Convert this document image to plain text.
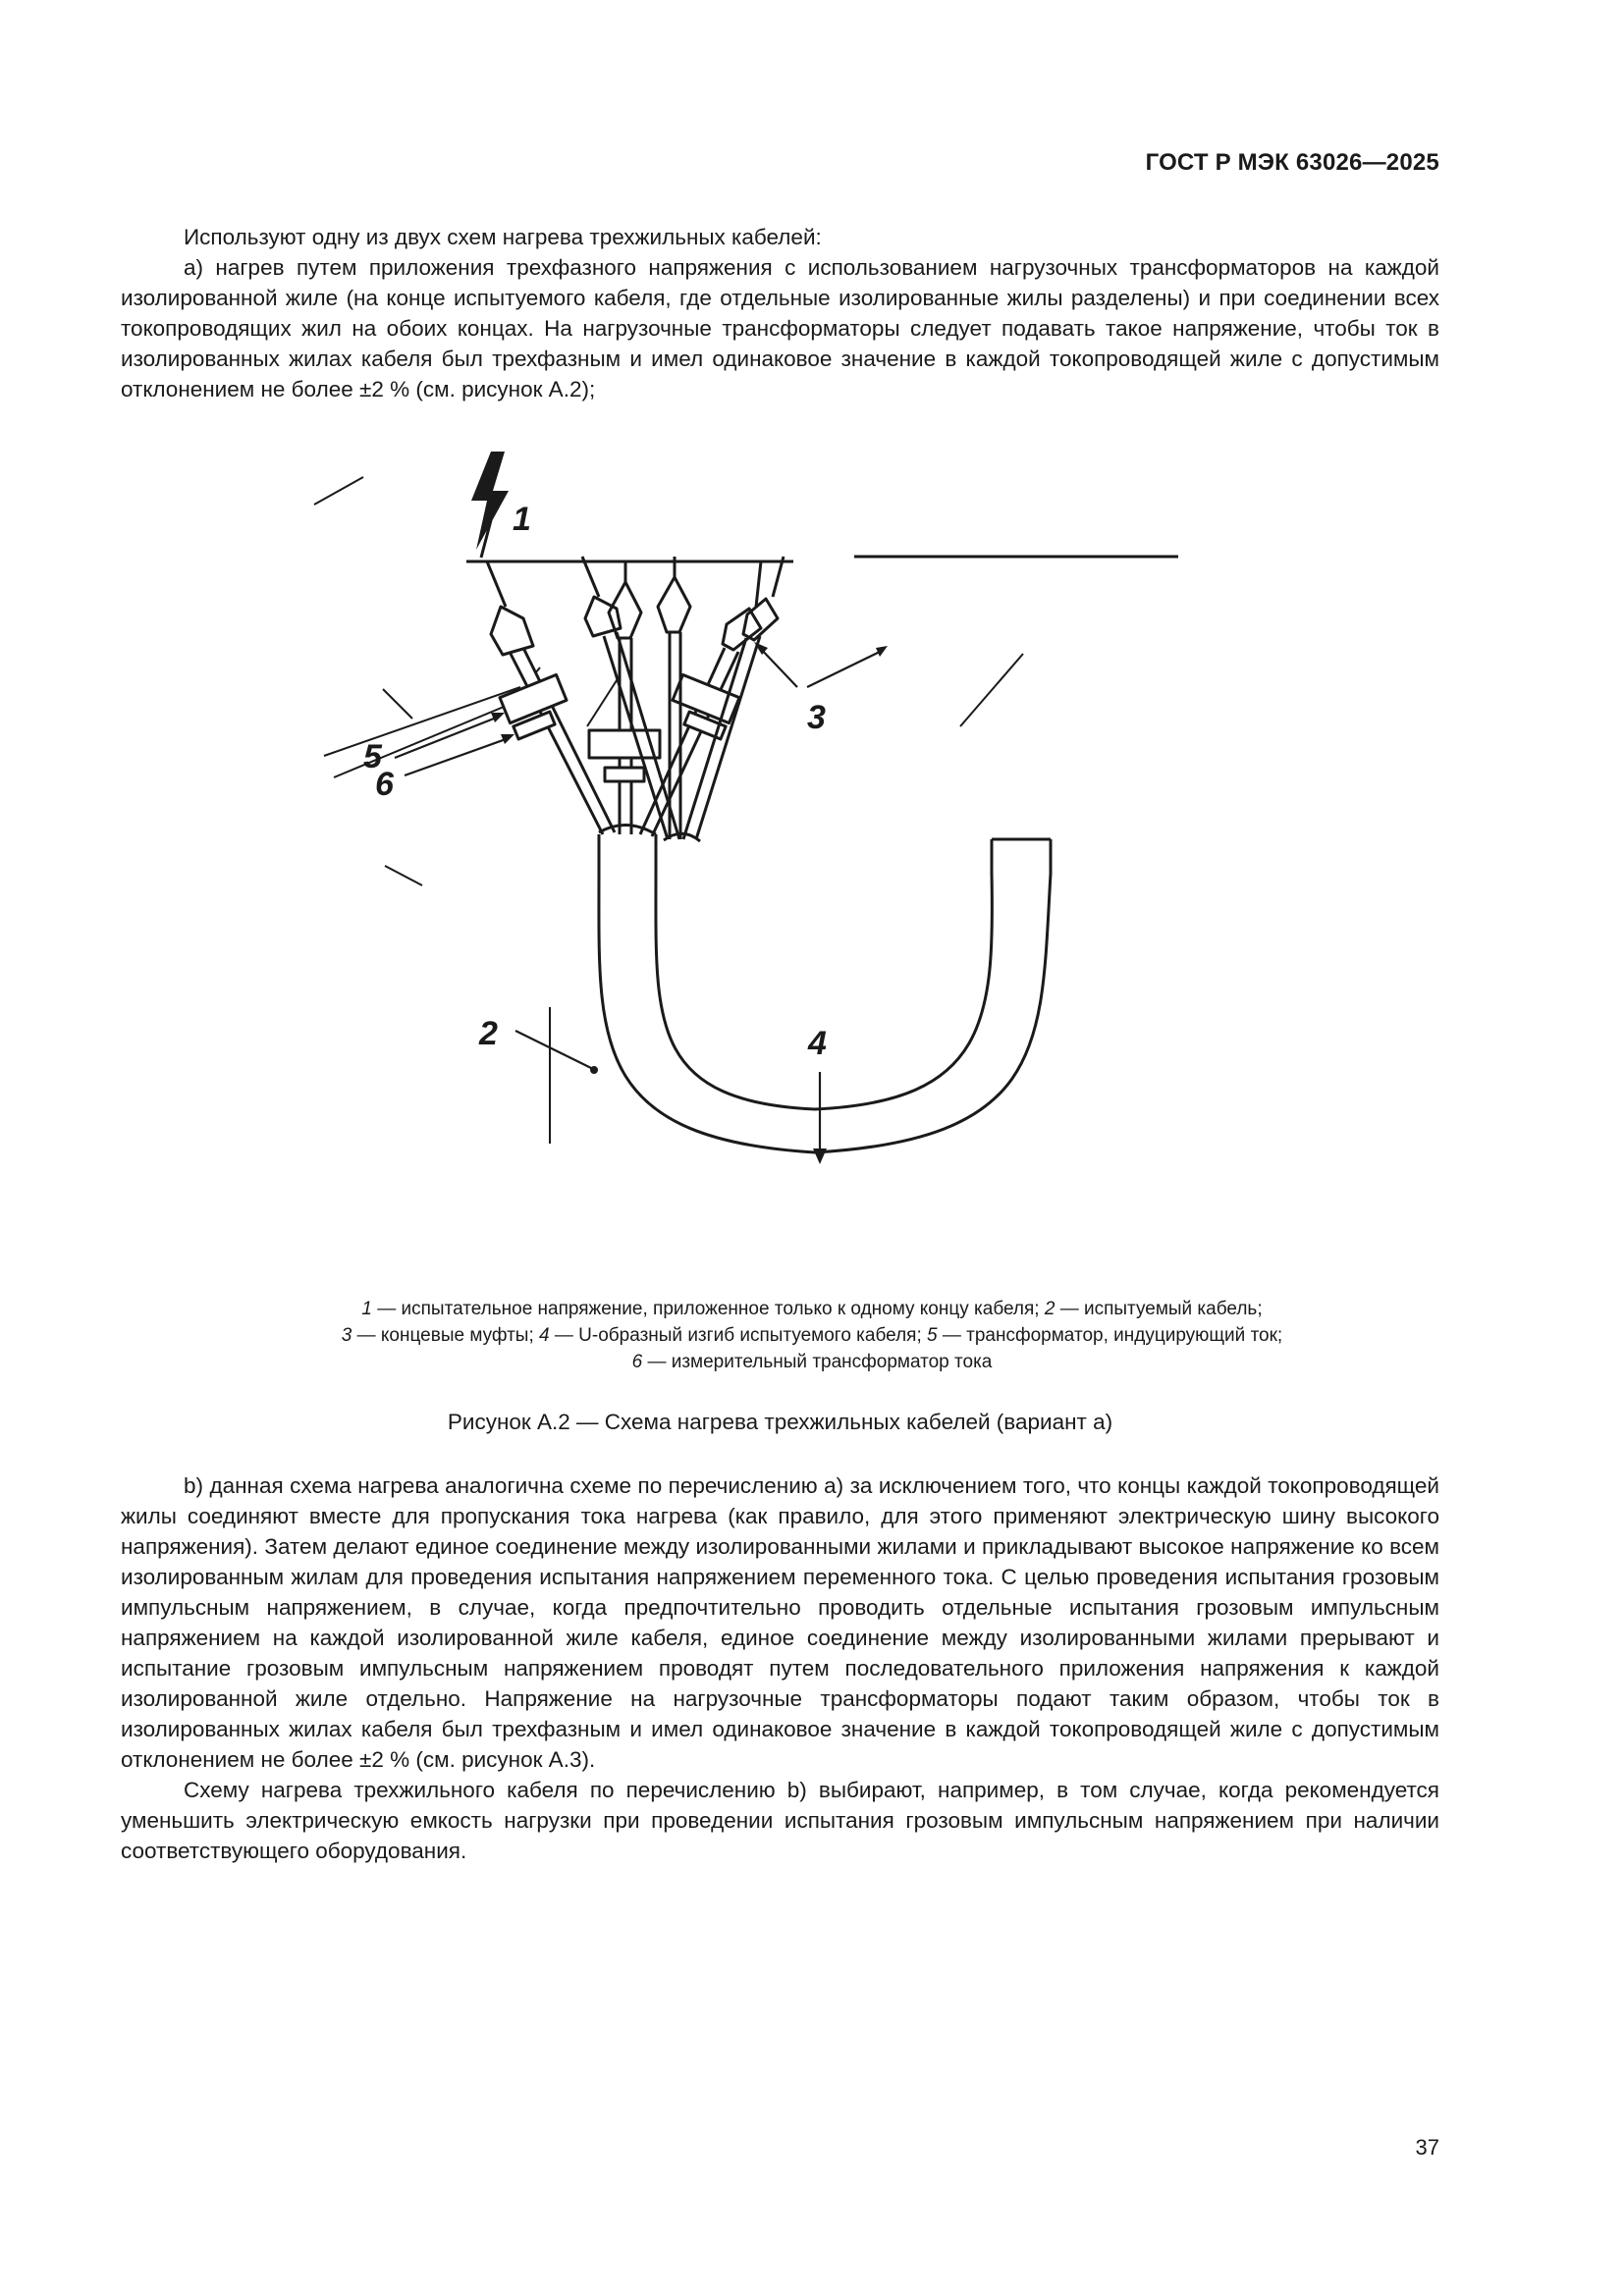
ГОСТ Р МЭК 63026—2025

Используют одну из двух схем нагрева трехжильных кабелей:

a) нагрев путем приложения трехфазного напряжения с использованием нагрузочных трансформаторов на каждой изолированной жиле (на конце испытуемого кабеля, где отдельные изолированные жилы разделены) и при соединении всех токопроводящих жил на обоих концах. На нагрузочные трансформаторы следует подавать такое напряжение, чтобы ток в изолированных жилах кабеля был трехфазным и имел одинаковое значение в каждой токопроводящей жиле с допустимым отклонением не более ±2 % (см. рисунок А.2);

1
3
5
6
2	4
1 — испытательное напряжение, приложенное только к одному концу кабеля; 2 — испытуемый кабель;
3 — концевые муфты; 4 — U-образный изгиб испытуемого кабеля; 5 — трансформатор, индуцирующий ток;
6 — измерительный трансформатор тока
Рисунок А.2 — Схема нагрева трехжильных кабелей (вариант а)

b) данная схема нагрева аналогична схеме по перечислению а) за исключением того, что концы каждой токопроводящей жилы соединяют вместе для пропускания тока нагрева (как правило, для этого применяют электрическую шину высокого напряжения). Затем делают единое соединение между изолированными жилами и прикладывают высокое напряжение ко всем изолированным жилам для проведения испытания напряжением переменного тока. С целью проведения испытания грозовым импульсным напряжением, в случае, когда предпочтительно проводить отдельные испытания грозовым импульсным напряжением на каждой изолированной жиле кабеля, единое соединение между изолированными жилами прерывают и испытание грозовым импульсным напряжением проводят путем последовательного приложения напряжения к каждой изолированной жиле отдельно. Напряжение на нагрузочные трансформаторы подают таким образом, чтобы ток в изолированных жилах кабеля был трехфазным и имел одинаковое значение в каждой токопроводящей жиле с допустимым отклонением не более ±2 % (см. рисунок А.3).

Схему нагрева трехжильного кабеля по перечислению b) выбирают, например, в том случае, когда рекомендуется уменьшить электрическую емкость нагрузки при проведении испытания грозовым импульсным напряжением при наличии соответствующего оборудования.

37
